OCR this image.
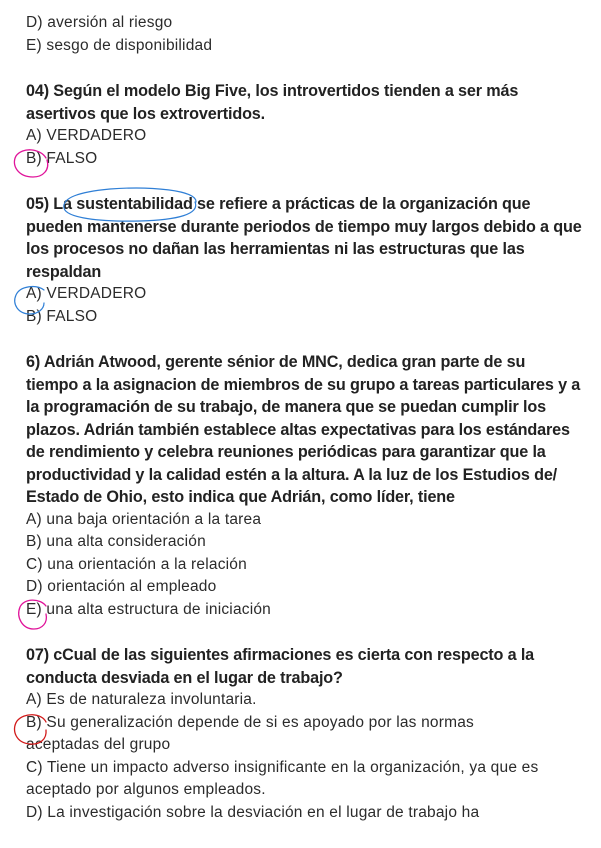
D) aversión al riesgo
E) sesgo de disponibilidad
04) Según el modelo Big Five, los introvertidos tienden a ser más
asertivos que los extrovertidos.
A) VERDADERO
B) FALSO
05) La sustentabilidad se refiere a prácticas de la organización que
pueden mantenerse durante periodos de tiempo muy largos debido a que
los procesos no dañan las herramientas ni las estructuras que las
respaldan
A) VERDADERO
B) FALSO
6) Adrián Atwood, gerente sénior de MNC, dedica gran parte de su
tiempo a la asignacion de miembros de su grupo a tareas particulares y a
la programación de su trabajo, de manera que se puedan cumplir los
plazos. Adrián también establece altas expectativas para los estándares
de rendimiento y celebra reuniones periódicas para garantizar que la
productividad y la calidad estén a la altura. A la luz de los Estudios de/
Estado de Ohio, esto indica que Adrián, como líder, tiene
A) una baja orientación a la tarea
B) una alta consideración
C) una orientación a la relación
D) orientación al empleado
E) una alta estructura de iniciación
07) cCual de las siguientes afirmaciones es cierta con respecto a la
conducta desviada en el lugar de trabajo?
A) Es de naturaleza involuntaria.
B) Su generalización depende de si es apoyado por las normas
aceptadas del grupo
C) Tiene un impacto adverso insignificante en la organización, ya que es
aceptado por algunos empleados.
D) La investigación sobre la desviación en el lugar de trabajo ha
